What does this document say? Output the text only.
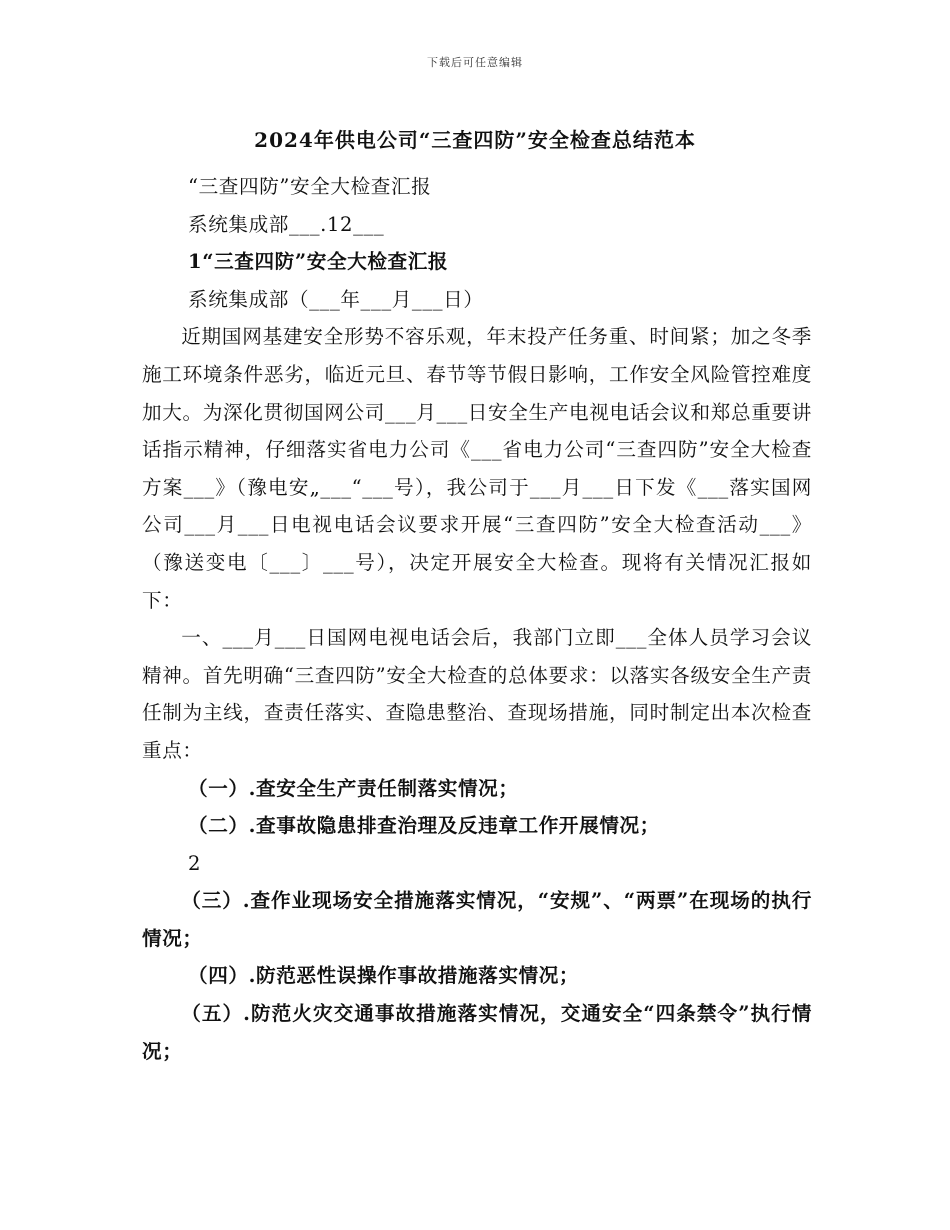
下载后可任意编辑
2024年供电公司“三查四防”安全检查总结范本

“三查四防”安全大检查汇报

系统集成部___.12___

1“三查四防”安全大检查汇报

系统集成部（___年___月___日）

近期国网基建安全形势不容乐观，年末投产任务重、时间紧；加之冬季施工环境条件恶劣，临近元旦、春节等节假日影响，工作安全风险管控难度加大。为深化贯彻国网公司___月___日安全生产电视电话会议和郑总重要讲话指示精神，仔细落实省电力公司《___省电力公司“三查四防”安全大检查方案___》（豫电安„___“___号），我公司于___月___日下发《___落实国网公司___月___日电视电话会议要求开展“三查四防”安全大检查活动___》（豫送变电〔___〕___号），决定开展安全大检查。现将有关情况汇报如下：

一、___月___日国网电视电话会后，我部门立即___全体人员学习会议精神。首先明确“三查四防”安全大检查的总体要求：以落实各级安全生产责任制为主线，查责任落实、查隐患整治、查现场措施，同时制定出本次检查重点：

（一）.查安全生产责任制落实情况；

（二）.查事故隐患排查治理及反违章工作开展情况；

2

（三）.查作业现场安全措施落实情况，“安规”、“两票”在现场的执行情况；

（四）.防范恶性误操作事故措施落实情况；

（五）.防范火灾交通事故措施落实情况，交通安全“四条禁令”执行情况；
